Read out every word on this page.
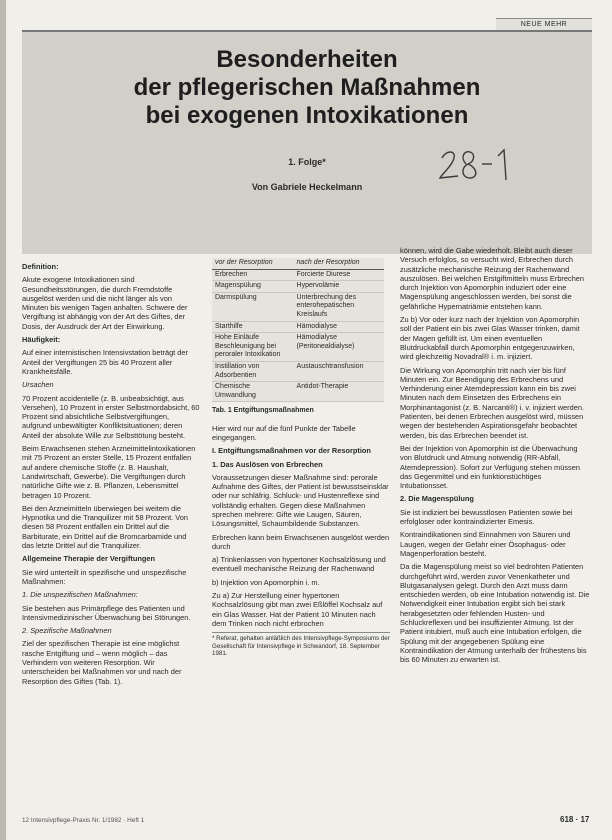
NEUE MEHR
Besonderheiten
der pflegerischen Maßnahmen
bei exogenen Intoxikationen
1. Folge*
Von Gabriele Heckelmann

Definition:

Akute exogene Intoxikationen sind Gesundheitsstörungen, die durch Fremdstoffe ausgelöst werden und die nicht länger als von Minuten bis wenigen Tagen anhalten. Schwere der Vergiftung ist abhängig von der Art des Giftes, der Dosis, der Ausdruck der Art der Einwirkung.

Häufigkeit:

Auf einer internistischen Intensivstation beträgt der Anteil der Vergiftungen 25 bis 40 Prozent aller Krankheitsfälle.

Ursachen

70 Prozent accidentelle (z. B. unbeabsichtigt, aus Versehen), 10 Prozent in erster Selbstmordabsicht, 60 Prozent sind absichtliche Selbstvergiftungen, aufgrund unbewältigter Konfliktsituationen; deren Anteil der absolute Wille zur Selbsttötung besteht.

Beim Erwachsenen stehen Arzneimittelintoxikationen mit 75 Prozent an erster Stelle, 15 Prozent entfallen auf andere chemische Stoffe (z. B. Haushalt, Landwirtschaft, Gewerbe). Die Vergiftungen durch natürliche Gifte wie z. B. Pflanzen, Lebensmittel betragen 10 Prozent.

Bei den Arzneimitteln überwiegen bei weitem die Hypnotika und die Tranquilizer mit 58 Prozent. Von diesen 58 Prozent entfallen ein Drittel auf die Barbiturate, ein Drittel auf die Bromcarbamide und das letzte Drittel auf die Tranquilizer.

Allgemeine Therapie der Vergiftungen

Sie wird unterteilt in spezifische und unspezifische Maßnahmen:

1. Die unspezifischen Maßnahmen:

Sie bestehen aus Primärpflege des Patienten und Intensivmedizinischer Überwachung bei Störungen.

2. Spezifische Maßnahmen

Ziel der spezifischen Therapie ist eine möglichst rasche Entgiftung und – wenn möglich – das Verhindern von weiteren Resorption. Wir unterscheiden bei Maßnahmen vor und nach der Resorption des Giftes (Tab. 1).

vor der Resorption	nach der Resorption
Erbrechen	Forcierte Diurese
Magenspülung	Hypervolämie
Darmspülung	Unterbrechung des enterohepatischen Kreislaufs
Starthilfe	Hämodialyse
Hohe Einläufe Beschleunigung bei peroraler Intoxikation	Hämodialyse (Peritonealdialyse)
Instillation von Adsorbentien	Austauschtransfusion
Chemische Umwandlung	Antidot-Therapie
Tab. 1 Entgiftungsmaßnahmen

Hier wird nur auf die fünf Punkte der Tabelle eingegangen.

I. Entgiftungsmaßnahmen vor der Resorption

1. Das Auslösen von Erbrechen

Voraussetzungen dieser Maßnahme sind: perorale Aufnahme des Giftes, der Patient ist bewusstseinsklar oder nur schläfrig. Schluck- und Hustenreflexe sind vollständig erhalten. Gegen diese Maßnahmen sprechen mehrere: Gifte wie Laugen, Säuren, Lösungsmittel, Schaumbildende Substanzen.

Erbrechen kann beim Erwachsenen ausgelöst werden durch

a) Trinkenlassen von hypertoner Kochsalzlösung und eventuell mechanische Reizung der Rachenwand

b) Injektion von Apomorphin i. m.

Zu a) Zur Herstellung einer hypertonen Kochsalzlösung gibt man zwei Eßlöffel Kochsalz auf ein Glas Wasser. Hat der Patient 10 Minuten nach dem Trinken noch nicht erbrochen

* Referat, gehalten anläßlich des Intensivpflege-Symposiums der Gesellschaft für Intensivpflege in Schwandorf, 18. September 1981.

können, wird die Gabe wiederholt. Bleibt auch dieser Versuch erfolglos, so versucht wird, Erbrechen durch zusätzliche mechanische Reizung der Rachenwand auszulösen. Bei welchen Erstgiftmitteln muss Erbrechen durch Injektion von Apomorphin induziert oder eine Magenspülung angeschlossen werden, bei sonst die gefährliche Hypernatriämie entstehen kann.

Zu b) Vor oder kurz nach der Injektion von Apomorphin soll der Patient ein bis zwei Glas Wasser trinken, damit der Magen gefüllt ist. Um einen eventuellen Blutdruckabfall durch Apomorphin entgegenzuwirken, wird gleichzeitig Novadral® i. m. injiziert.

Die Wirkung von Apomorphin tritt nach vier bis fünf Minuten ein. Zur Beendigung des Erbrechens und Verhinderung einer Atemdepression kann ein bis zwei Minuten nach dem Einsetzen des Erbrechens ein Morphinantagonist (z. B. Narcanti®) i. v. injiziert werden. Patienten, bei denen Erbrechen ausgelöst wird, müssen wegen der bestehenden Aspirationsgefahr beobachtet werden, bis das Erbrechen beendet ist.

Bei der Injektion von Apomorphin ist die Überwachung von Blutdruck und Atmung notwendig (RR-Abfall, Atemdepression). Sofort zur Verfügung stehen müssen das Gegenmittel und ein funktionstüchtiges Intubationsset.

2. Die Magenspülung

Sie ist indiziert bei bewusstlosen Patienten sowie bei erfolgloser oder kontraindizierter Emesis.

Kontraindikationen sind Einnahmen von Säuren und Laugen, wegen der Gefahr einer Ösophagus- oder Magenperforation besteht.

Da die Magenspülung meist so viel bedrohten Patienten durchgeführt wird, werden zuvor Venenkatheter und Blutgasanalysen gelegt. Durch den Arzt muss dann entschieden werden, ob eine Intubation notwendig ist. Die Notwendigkeit einer Intubation ergibt sich bei stark herabgesetzten oder fehlenden Husten- und Schluckreflexen und bei insuffizienter Atmung. Ist der Patient intubiert, muß auch eine Intubation erfolgen, die Spülung mit der angegebenen Spülung eine Kontraindikation der Atmung unterhalb der frühestens bis bis 60 Minuten zu erwarten ist.

12 Intensivpflege-Praxis Nr. 1/1982 · Heft 1	618 · 17
